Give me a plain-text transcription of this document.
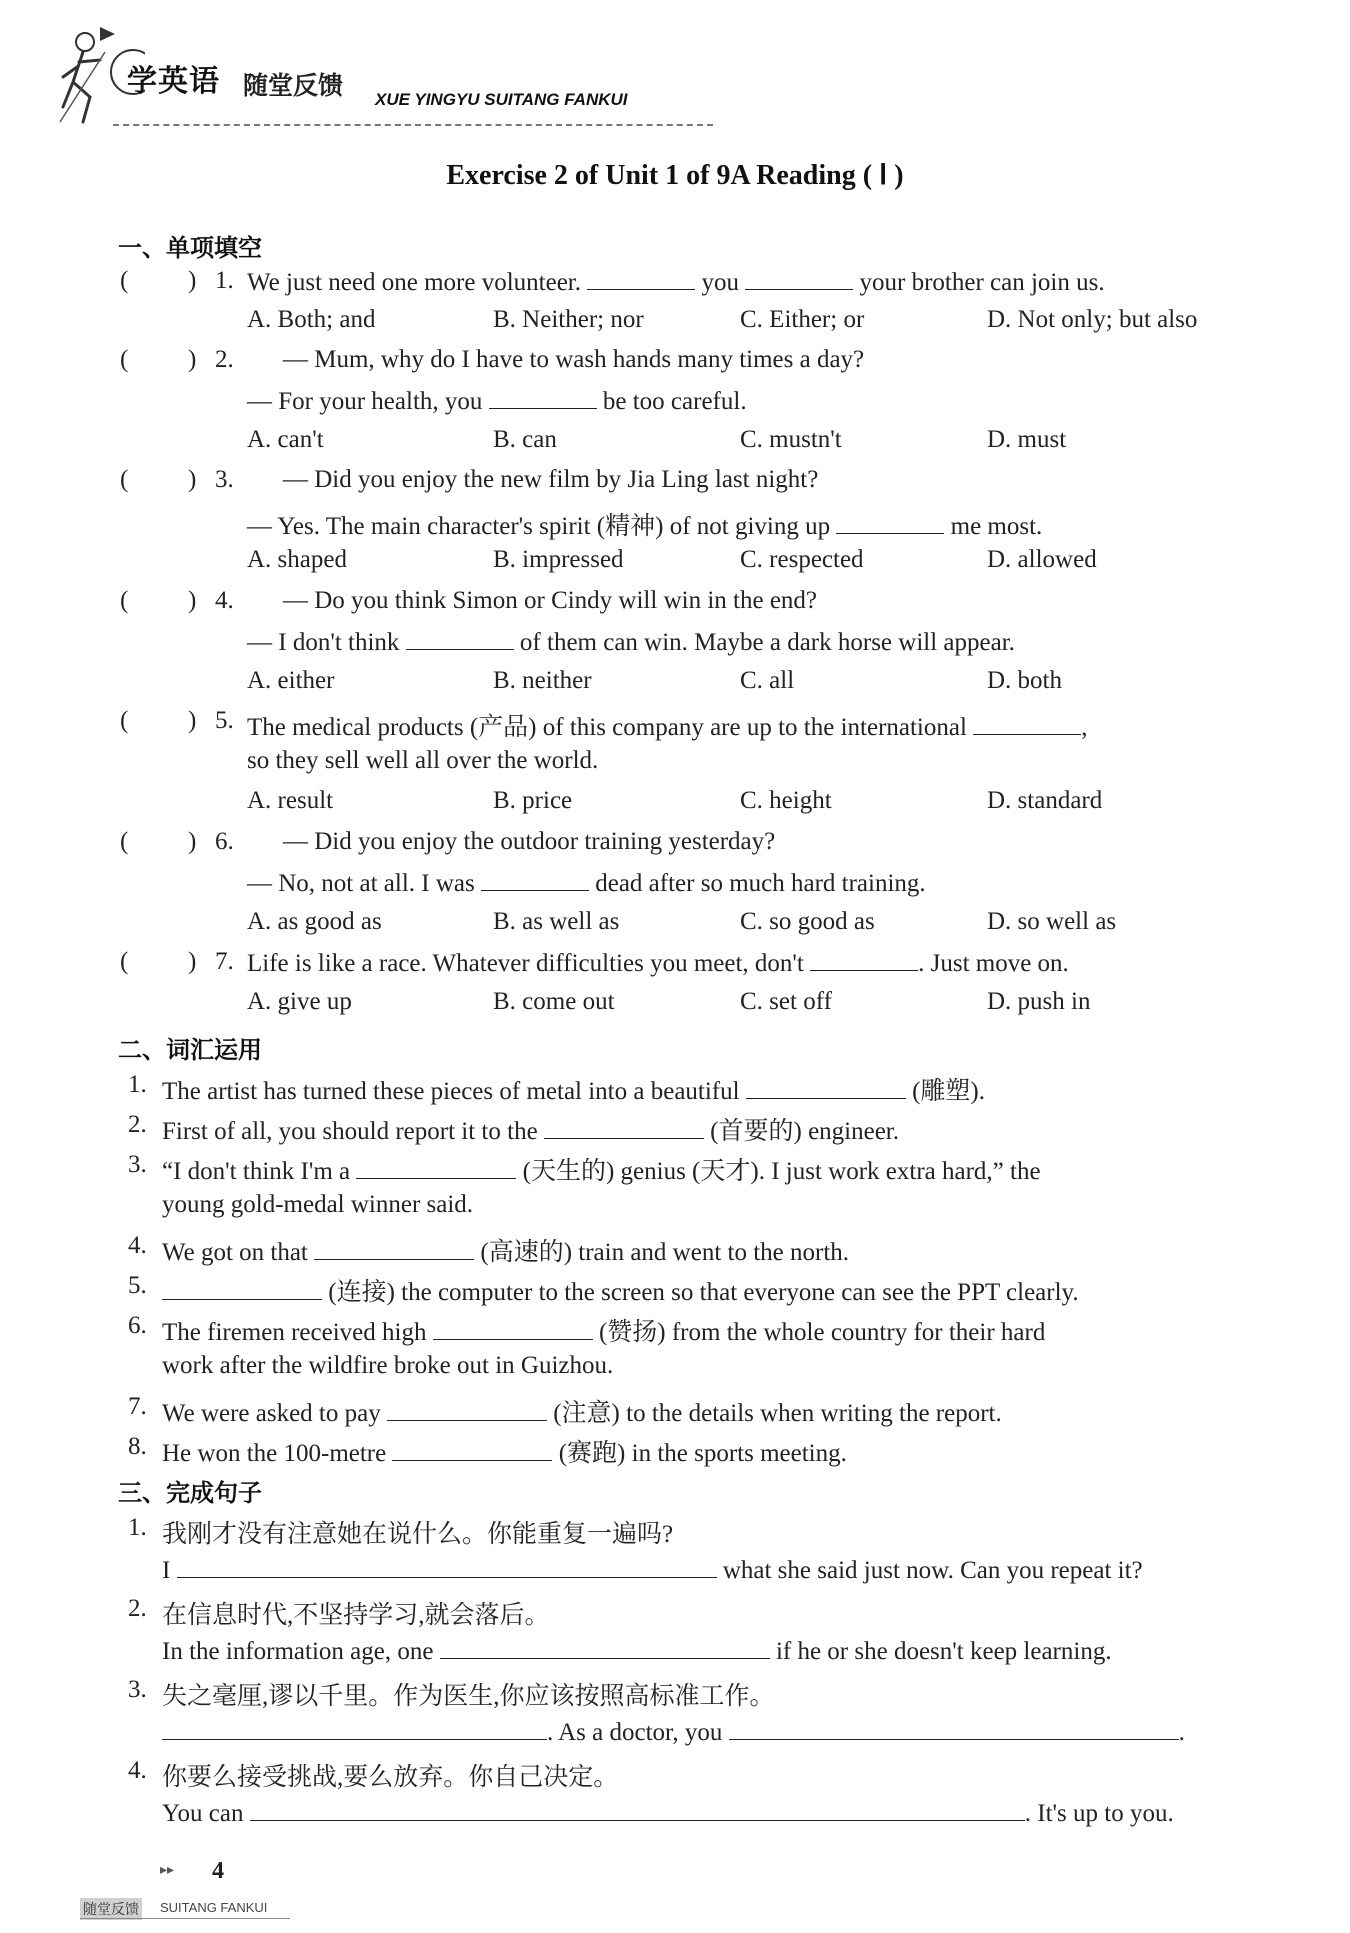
学英语 随堂反馈 XUE YINGYU SUITANG FANKUI
Exercise 2 of Unit 1 of 9A Reading ( Ⅰ )
一、单项填空
( ) 1. We just need one more volunteer.	you	your brother can join us.
A. Both; and	B. Neither; nor	C. Either; or	D. Not only; but also
( ) 2. — Mum, why do I have to wash hands many times a day?
— For your health, you	be too careful.
A. can't	B. can	C. mustn't	D. must
( ) 3. — Did you enjoy the new film by Jia Ling last night?
— Yes. The main character's spirit (精神) of not giving up	me most.
A. shaped	B. impressed	C. respected	D. allowed
( ) 4. — Do you think Simon or Cindy will win in the end?
— I don't think	of them can win. Maybe a dark horse will appear.
A. either	B. neither	C. all	D. both
( ) 5. The medical products (产品) of this company are up to the international	,
so they sell well all over the world.
A. result	B. price	C. height	D. standard
( ) 6. — Did you enjoy the outdoor training yesterday?
— No, not at all. I was	dead after so much hard training.
A. as good as	B. as well as	C. so good as	D. so well as
( ) 7. Life is like a race. Whatever difficulties you meet, don't	. Just move on.
A. give up	B. come out	C. set off	D. push in
二、词汇运用
1. The artist has turned these pieces of metal into a beautiful	(雕塑).
2. First of all, you should report it to the	(首要的) engineer.
3. “I don't think I'm a	(天生的) genius (天才). I just work extra hard,” the
young gold-medal winner said.
4. We got on that	(高速的) train and went to the north.
5.	(连接) the computer to the screen so that everyone can see the PPT clearly.
6. The firemen received high	(赞扬) from the whole country for their hard
work after the wildfire broke out in Guizhou.
7. We were asked to pay	(注意) to the details when writing the report.
8. He won the 100-metre	(赛跑) in the sports meeting.
三、完成句子
1. 我刚才没有注意她在说什么。你能重复一遍吗?
I	what she said just now. Can you repeat it?
2. 在信息时代,不坚持学习,就会落后。
In the information age, one	if he or she doesn't keep learning.
3. 失之毫厘,谬以千里。作为医生,你应该按照高标准工作。
. As a doctor, you	.
4. 你要么接受挑战,要么放弃。你自己决定。
You can	. It's up to you.
▸▸ 4
随堂反馈 SUITANG FANKUI
